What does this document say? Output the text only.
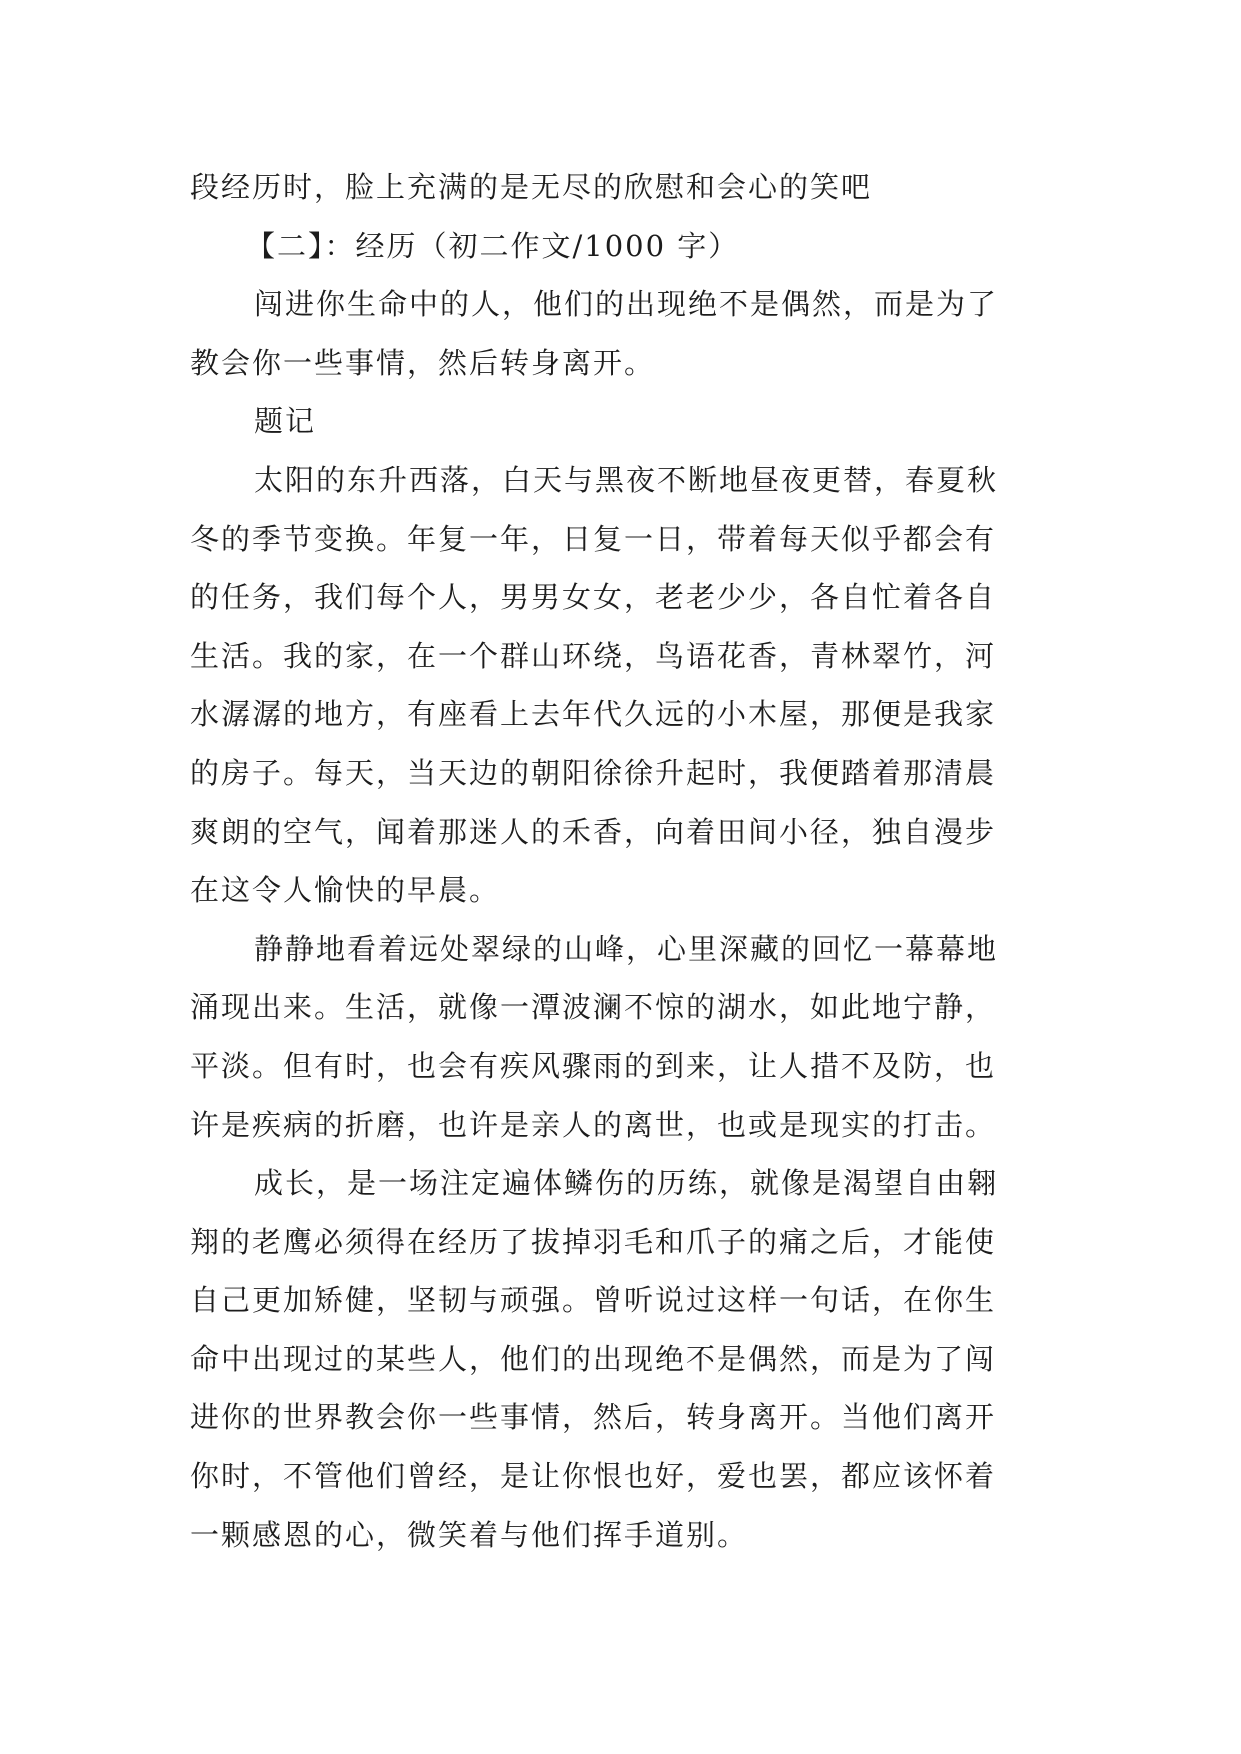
段经历时，脸上充满的是无尽的欣慰和会心的笑吧
【二】：经历（初二作文/1000 字）
闯进你生命中的人，他们的出现绝不是偶然，而是为了
教会你一些事情，然后转身离开。
题记
太阳的东升西落，白天与黑夜不断地昼夜更替，春夏秋
冬的季节变换。年复一年，日复一日，带着每天似乎都会有
的任务，我们每个人，男男女女，老老少少，各自忙着各自
生活。我的家，在一个群山环绕，鸟语花香，青林翠竹，河
水潺潺的地方，有座看上去年代久远的小木屋，那便是我家
的房子。每天，当天边的朝阳徐徐升起时，我便踏着那清晨
爽朗的空气，闻着那迷人的禾香，向着田间小径，独自漫步
在这令人愉快的早晨。
静静地看着远处翠绿的山峰，心里深藏的回忆一幕幕地
涌现出来。生活，就像一潭波澜不惊的湖水，如此地宁静，
平淡。但有时，也会有疾风骤雨的到来，让人措不及防，也
许是疾病的折磨，也许是亲人的离世，也或是现实的打击。
成长，是一场注定遍体鳞伤的历练，就像是渴望自由翱
翔的老鹰必须得在经历了拔掉羽毛和爪子的痛之后，才能使
自己更加矫健，坚韧与顽强。曾听说过这样一句话，在你生
命中出现过的某些人，他们的出现绝不是偶然，而是为了闯
进你的世界教会你一些事情，然后，转身离开。当他们离开
你时，不管他们曾经，是让你恨也好，爱也罢，都应该怀着
一颗感恩的心，微笑着与他们挥手道别。
